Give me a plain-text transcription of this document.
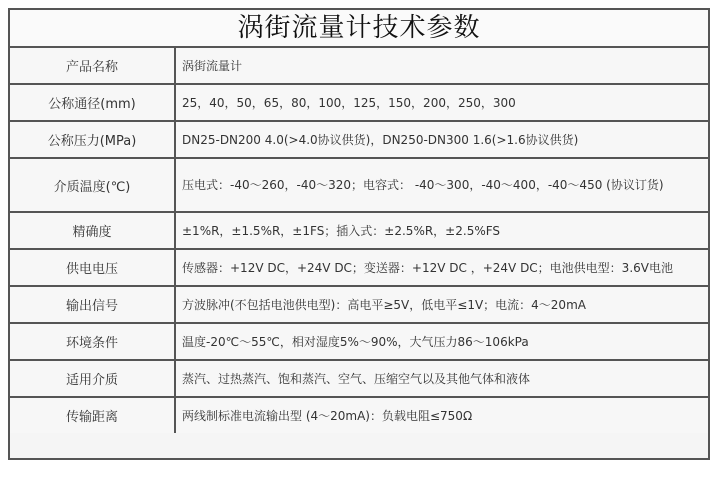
涡街流量计技术参数
产品名称	涡街流量计
公称通径(mm)	25，40，50，65，80，100，125，150，200，250，300
公称压力(MPa)	DN25-DN200 4.0(>4.0协议供货)，DN250-DN300 1.6(>1.6协议供货)
介质温度(℃)	压电式：-40～260，-40～320；电容式： -40～300，-40～400，-40～450 (协议订货)
精确度	±1%R，±1.5%R，±1FS；插入式：±2.5%R，±2.5%FS
供电电压	传感器：+12V DC，+24V DC；变送器：+12V DC ，+24V DC；电池供电型：3.6V电池
输出信号	方波脉冲(不包括电池供电型)：高电平≥5V，低电平≤1V；电流：4～20mA
环境条件	温度-20℃～55℃，相对湿度5%～90%，大气压力86～106kPa
适用介质	蒸汽、过热蒸汽、饱和蒸汽、空气、压缩空气以及其他气体和液体
传输距离	两线制标准电流输出型 (4～20mA)：负载电阻≤750Ω
